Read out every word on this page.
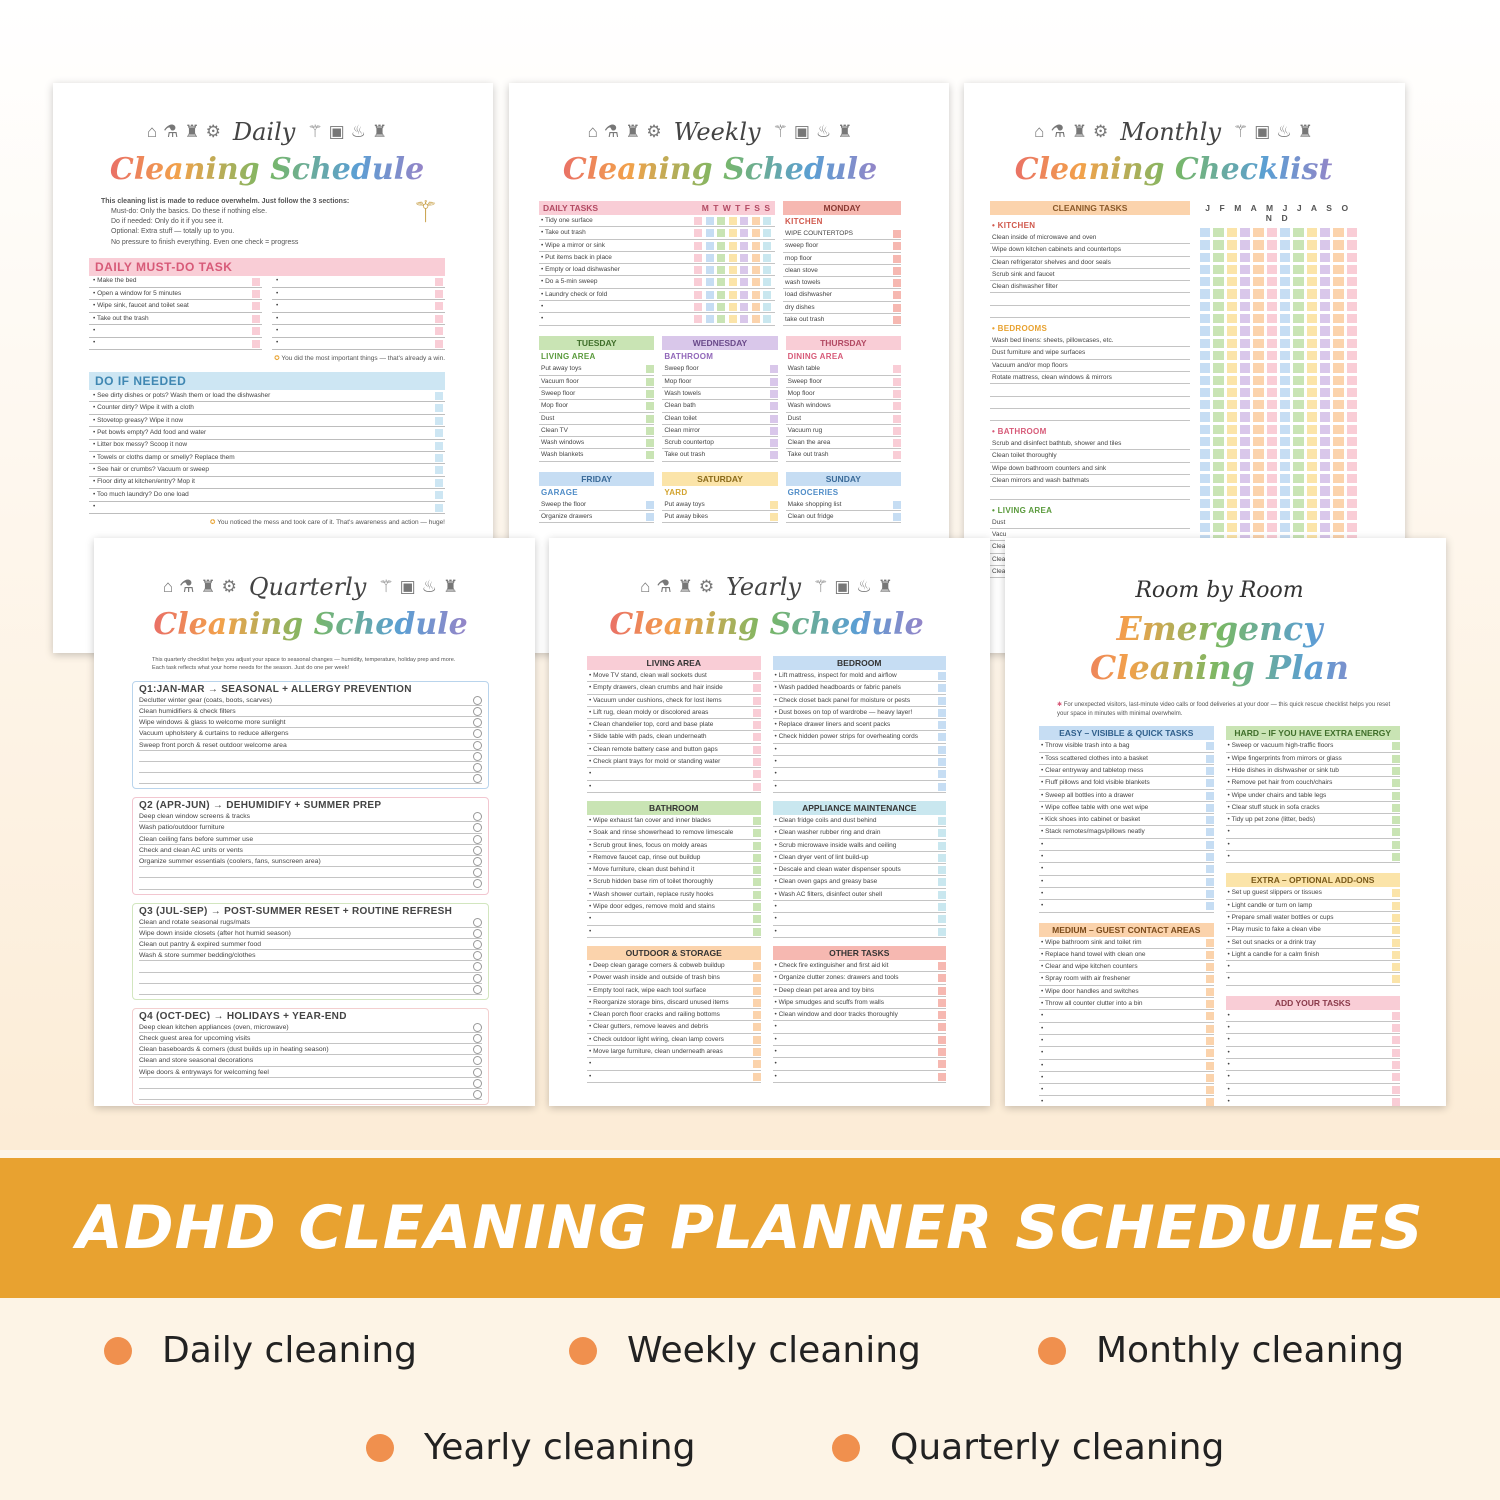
⌂ ⚗ ♜ ⚙ Daily ⚚ ▣ ♨ ♜
Cleaning Schedule
This cleaning list is made to reduce overwhelm. Just follow the 3 sections:
Must-do: Only the basics. Do these if nothing else.
Do if needed: Only do it if you see it.
Optional: Extra stuff — totally up to you.
No pressure to finish everything. Even one check = progress
⚚
DAILY MUST-DO TASK
• Make the bed
• Open a window for 5 minutes
• Wipe sink, faucet and toilet seat
• Take out the trash
•
•
•
•
•
•
•
•
✪ You did the most important things — that's already a win.
DO IF NEEDED
• See dirty dishes or pots? Wash them or load the dishwasher
• Counter dirty? Wipe it with a cloth
• Stovetop greasy? Wipe it now
• Pet bowls empty? Add food and water
• Litter box messy? Scoop it now
• Towels or cloths damp or smelly? Replace them
• See hair or crumbs? Vacuum or sweep
• Floor dirty at kitchen/entry? Mop it
• Too much laundry? Do one load
•
✪ You noticed the mess and took care of it. That's awareness and action — huge!
⌂ ⚗ ♜ ⚙ Weekly ⚚ ▣ ♨ ♜
Cleaning Schedule
DAILY TASKS	M T W T F S S
• Tidy one surface
• Take out trash
• Wipe a mirror or sink
• Put items back in place
• Empty or load dishwasher
• Do a 5-min sweep
• Laundry check or fold
•
•
MONDAY
KITCHEN
WIPE COUNTERTOPS
sweep floor
mop floor
clean stove
wash towels
load dishwasher
dry dishes
take out trash
TUESDAY
LIVING AREA
Put away toys
Vacuum floor
Sweep floor
Mop floor
Dust
Clean TV
Wash windows
Wash blankets
WEDNESDAY
BATHROOM
Sweep floor
Mop floor
Wash towels
Clean bath
Clean toilet
Clean mirror
Scrub countertop
Take out trash
THURSDAY
DINING AREA
Wash table
Sweep floor
Mop floor
Wash windows
Dust
Vacuum rug
Clean the area
Take out trash
FRIDAY
GARAGE
Sweep the floor
Organize drawers
SATURDAY
YARD
Put away toys
Put away bikes
SUNDAY
GROCERIES
Make shopping list
Clean out fridge
⌂ ⚗ ♜ ⚙ Monthly ⚚ ▣ ♨ ♜
Cleaning Checklist
CLEANING TASKS
• KITCHEN
Clean inside of microwave and oven
Wipe down kitchen cabinets and countertops
Clean refrigerator shelves and door seals
Scrub sink and faucet
Clean dishwasher filter
• BEDROOMS
Wash bed linens: sheets, pillowcases, etc.
Dust furniture and wipe surfaces
Vacuum and/or mop floors
Rotate mattress, clean windows & mirrors
• BATHROOM
Scrub and disinfect bathtub, shower and tiles
Clean toilet thoroughly
Wipe down bathroom counters and sink
Clean mirrors and wash bathmats
• LIVING AREA
Dust
Vacu
Clea
Clea
Clea
J F M A M J J A S O N D
⌂ ⚗ ♜ ⚙ Quarterly ⚚ ▣ ♨ ♜
Cleaning Schedule
This quarterly checklist helps you adjust your space to seasonal changes — humidity, temperature, holiday prep and more.
Each task reflects what your home needs for the season. Just do one per week!
Q1:JAN-MAR → SEASONAL + ALLERGY PREVENTION
Declutter winter gear (coats, boots, scarves)
Clean humidifiers & check filters
Wipe windows & glass to welcome more sunlight
Vacuum upholstery & curtains to reduce allergens
Sweep front porch & reset outdoor welcome area
Q2 (APR-JUN) → DEHUMIDIFY + SUMMER PREP
Deep clean window screens & tracks
Wash patio/outdoor furniture
Clean ceiling fans before summer use
Check and clean AC units or vents
Organize summer essentials (coolers, fans, sunscreen area)
Q3 (JUL-SEP) → POST-SUMMER RESET + ROUTINE REFRESH
Clean and rotate seasonal rugs/mats
Wipe down inside closets (after hot humid season)
Clean out pantry & expired summer food
Wash & store summer bedding/clothes
Q4 (OCT-DEC) → HOLIDAYS + YEAR-END
Deep clean kitchen appliances (oven, microwave)
Check guest area for upcoming visits
Clean baseboards & corners (dust builds up in heating season)
Clean and store seasonal decorations
Wipe doors & entryways for welcoming feel
⌂ ⚗ ♜ ⚙ Yearly ⚚ ▣ ♨ ♜
Cleaning Schedule
LIVING AREA
• Move TV stand, clean wall sockets dust
• Empty drawers, clean crumbs and hair inside
• Vacuum under cushions, check for lost items
• Lift rug, clean moldy or discolored areas
• Clean chandelier top, cord and base plate
• Slide table with pads, clean underneath
• Clean remote battery case and button gaps
• Check plant trays for mold or standing water
•
•
BEDROOM
• Lift mattress, inspect for mold and airflow
• Wash padded headboards or fabric panels
• Check closet back panel for moisture or pests
• Dust boxes on top of wardrobe — heavy layer!
• Replace drawer liners and scent packs
• Check hidden power strips for overheating cords
•
•
•
•
BATHROOM
• Wipe exhaust fan cover and inner blades
• Soak and rinse showerhead to remove limescale
• Scrub grout lines, focus on moldy areas
• Remove faucet cap, rinse out buildup
• Move furniture, clean dust behind it
• Scrub hidden base rim of toilet thoroughly
• Wash shower curtain, replace rusty hooks
• Wipe door edges, remove mold and stains
•
•
APPLIANCE MAINTENANCE
• Clean fridge coils and dust behind
• Clean washer rubber ring and drain
• Scrub microwave inside walls and ceiling
• Clean dryer vent of lint build-up
• Descale and clean water dispenser spouts
• Clean oven gaps and greasy base
• Wash AC filters, disinfect outer shell
•
•
•
OUTDOOR & STORAGE
• Deep clean garage corners & cobweb buildup
• Power wash inside and outside of trash bins
• Empty tool rack, wipe each tool surface
• Reorganize storage bins, discard unused items
• Clean porch floor cracks and railing bottoms
• Clear gutters, remove leaves and debris
• Check outdoor light wiring, clean lamp covers
• Move large furniture, clean underneath areas
•
•
OTHER TASKS
• Check fire extinguisher and first aid kit
• Organize clutter zones: drawers and tools
• Deep clean pet area and toy bins
• Wipe smudges and scuffs from walls
• Clean window and door tracks thoroughly
•
•
•
•
•
Room by Room
Emergency Cleaning Plan
✱ For unexpected visitors, last-minute video calls or food deliveries at your door — this quick rescue checklist helps you reset your space in minutes with minimal overwhelm.
EASY – VISIBLE & QUICK TASKS
• Throw visible trash into a bag
• Toss scattered clothes into a basket
• Clear entryway and tabletop mess
• Fluff pillows and fold visible blankets
• Sweep all bottles into a drawer
• Wipe coffee table with one wet wipe
• Kick shoes into cabinet or basket
• Stack remotes/mags/pillows neatly
•
•
•
•
•
•
MEDIUM – GUEST CONTACT AREAS
• Wipe bathroom sink and toilet rim
• Replace hand towel with clean one
• Clear and wipe kitchen counters
• Spray room with air freshener
• Wipe door handles and switches
• Throw all counter clutter into a bin
•
•
•
•
•
•
•
•
HARD – IF YOU HAVE EXTRA ENERGY
• Sweep or vacuum high-traffic floors
• Wipe fingerprints from mirrors or glass
• Hide dishes in dishwasher or sink tub
• Remove pet hair from couch/chairs
• Wipe under chairs and table legs
• Clear stuff stuck in sofa cracks
• Tidy up pet zone (litter, beds)
•
•
•
EXTRA – OPTIONAL ADD-ONS
• Set up guest slippers or tissues
• Light candle or turn on lamp
• Prepare small water bottles or cups
• Play music to fake a clean vibe
• Set out snacks or a drink tray
• Light a candle for a calm finish
•
•
ADD YOUR TASKS
•
•
•
•
•
•
•
•
ADHD CLEANING PLANNER SCHEDULES
Daily cleaning	Weekly cleaning	Monthly cleaning
Yearly cleaning	Quarterly cleaning
